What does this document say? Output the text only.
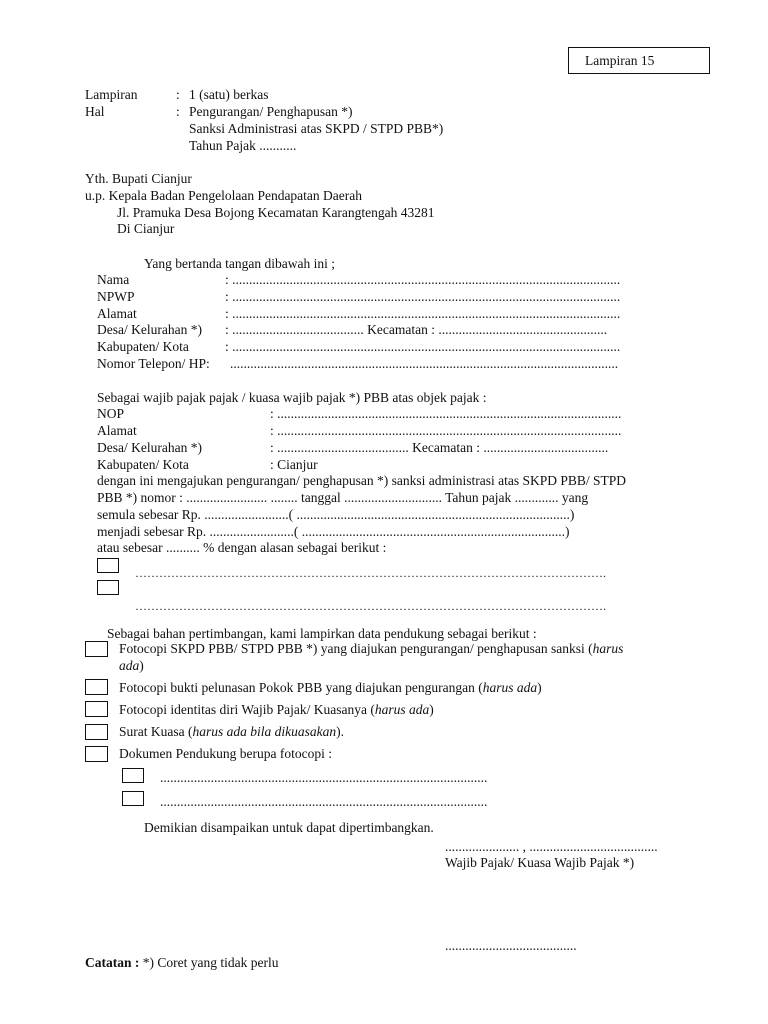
Lampiran 15
Lampiran	: 1 (satu) berkas
Hal	: Pengurangan/ Penghapusan *)
Sanksi Administrasi atas SKPD / STPD PBB*)
Tahun Pajak ...........
Yth. Bupati Cianjur
u.p. Kepala Badan Pengelolaan Pendapatan Daerah
Jl. Pramuka Desa Bojong Kecamatan Karangtengah 43281
Di Cianjur
Yang bertanda tangan dibawah ini ;
Nama	: ...................................................................................................................
NPWP	: ...................................................................................................................
Alamat	: ...................................................................................................................
Desa/ Kelurahan *) : ....................................... Kecamatan : ..................................................
Kabupaten/ Kota	: ...................................................................................................................
Nomor Telepon/ HP: ...................................................................................................................
Sebagai wajib pajak pajak / kuasa wajib pajak *) PBB atas objek pajak :
NOP	: ......................................................................................................
Alamat	: ......................................................................................................
Desa/ Kelurahan *)	: ....................................... Kecamatan : .....................................
Kabupaten/ Kota	: Cianjur
dengan ini mengajukan pengurangan/ penghapusan *) sanksi administrasi atas SKPD PBB/ STPD
PBB *) nomor : ........................ ........ tanggal ............................. Tahun pajak ............. yang
semula sebesar Rp. .........................( .................................................................................)
menjadi sebesar Rp. .........................( ..............................................................................)
atau sebesar .......... % dengan alasan sebagai berikut :
……………………………………………………………………………………………………….
……………………………………………………………………………………………………….
Sebagai bahan pertimbangan, kami lampirkan data pendukung sebagai berikut :
Fotocopi SKPD PBB/ STPD PBB *) yang diajukan pengurangan/ penghapusan sanksi (harus
ada)
Fotocopi bukti pelunasan Pokok PBB yang diajukan pengurangan (harus ada)
Fotocopi identitas diri Wajib Pajak/ Kuasanya (harus ada)
Surat Kuasa (harus ada bila dikuasakan).
Dokumen Pendukung berupa fotocopi :
.................................................................................................
.................................................................................................
Demikian disampaikan untuk dapat dipertimbangkan.
...................... , ......................................
Wajib Pajak/ Kuasa Wajib Pajak *)
.......................................
Catatan : *) Coret yang tidak perlu
